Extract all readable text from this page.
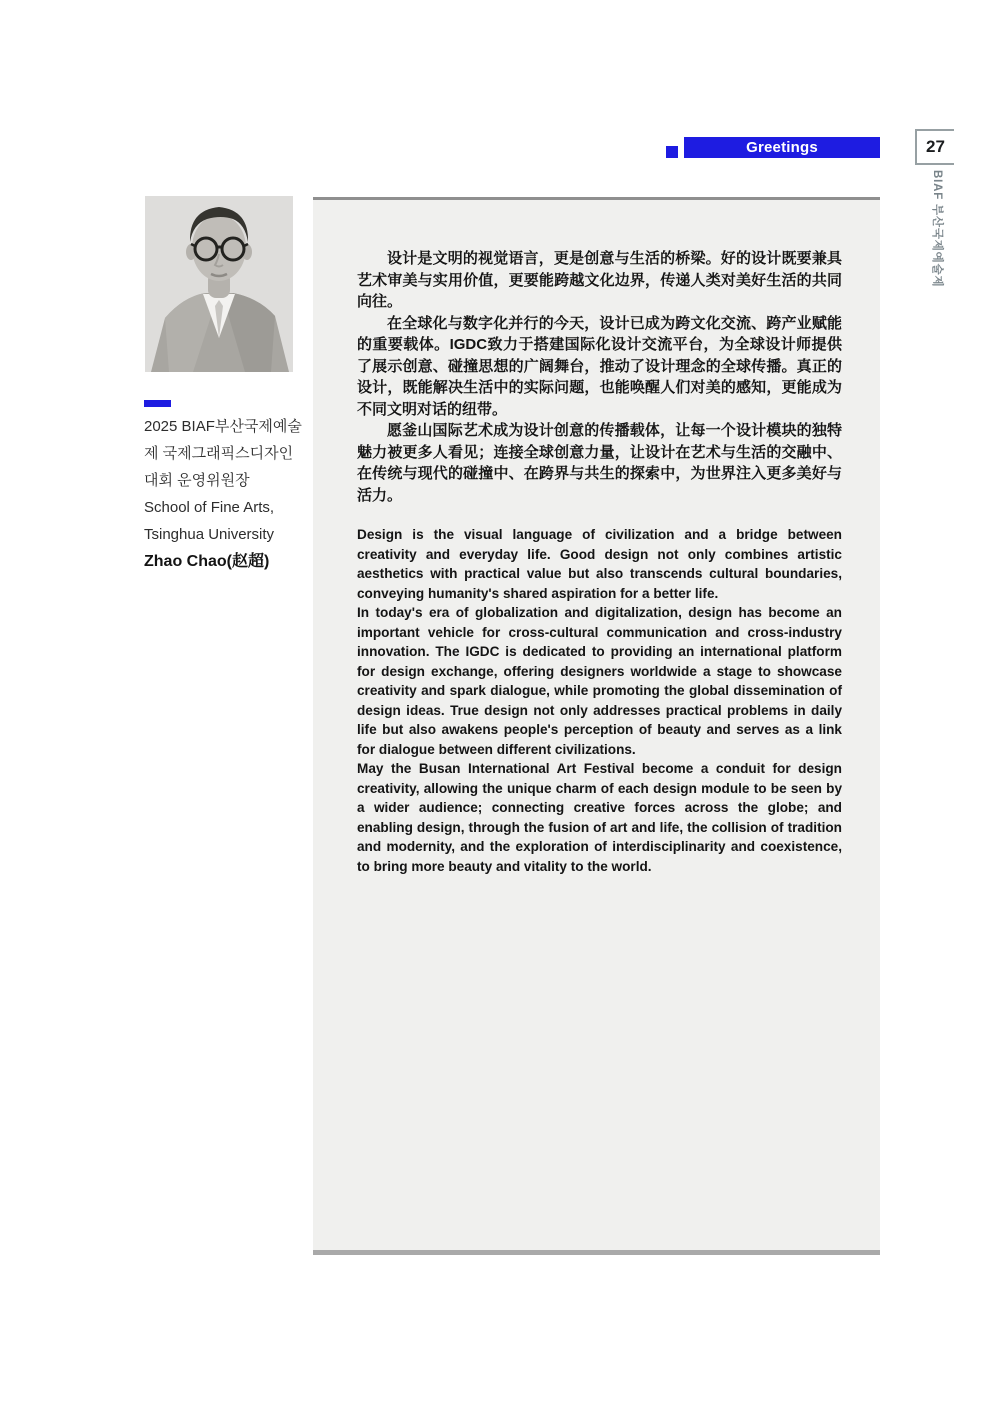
Greetings	27
BIAF 부산국제예술제
2025 BIAF부산국제예술제 국제그래픽스디자인대회 운영위원장
School of Fine Arts,
Tsinghua University
Zhao Chao(赵超)

设计是文明的视觉语言，更是创意与生活的桥梁。好的设计既要兼具艺术审美与实用价值，更要能跨越文化边界，传递人类对美好生活的共同向往。

在全球化与数字化并行的今天，设计已成为跨文化交流、跨产业赋能的重要载体。IGDC致力于搭建国际化设计交流平台，为全球设计师提供了展示创意、碰撞思想的广阔舞台，推动了设计理念的全球传播。真正的设计，既能解决生活中的实际问题，也能唤醒人们对美的感知，更能成为不同文明对话的纽带。

愿釜山国际艺术成为设计创意的传播载体，让每一个设计模块的独特魅力被更多人看见；连接全球创意力量，让设计在艺术与生活的交融中、在传统与现代的碰撞中、在跨界与共生的探索中，为世界注入更多美好与活力。

Design is the visual language of civilization and a bridge between creativity and everyday life. Good design not only combines artistic aesthetics with practical value but also transcends cultural boundaries, conveying humanity's shared aspiration for a better life.

In today's era of globalization and digitalization, design has become an important vehicle for cross-cultural communication and cross-industry innovation. The IGDC is dedicated to providing an international platform for design exchange, offering designers worldwide a stage to showcase creativity and spark dialogue, while promoting the global dissemination of design ideas. True design not only addresses practical problems in daily life but also awakens people's perception of beauty and serves as a link for dialogue between different civilizations.

May the Busan International Art Festival become a conduit for design creativity, allowing the unique charm of each design module to be seen by a wider audience; connecting creative forces across the globe; and enabling design, through the fusion of art and life, the collision of tradition and modernity, and the exploration of interdisciplinarity and coexistence, to bring more beauty and vitality to the world.
